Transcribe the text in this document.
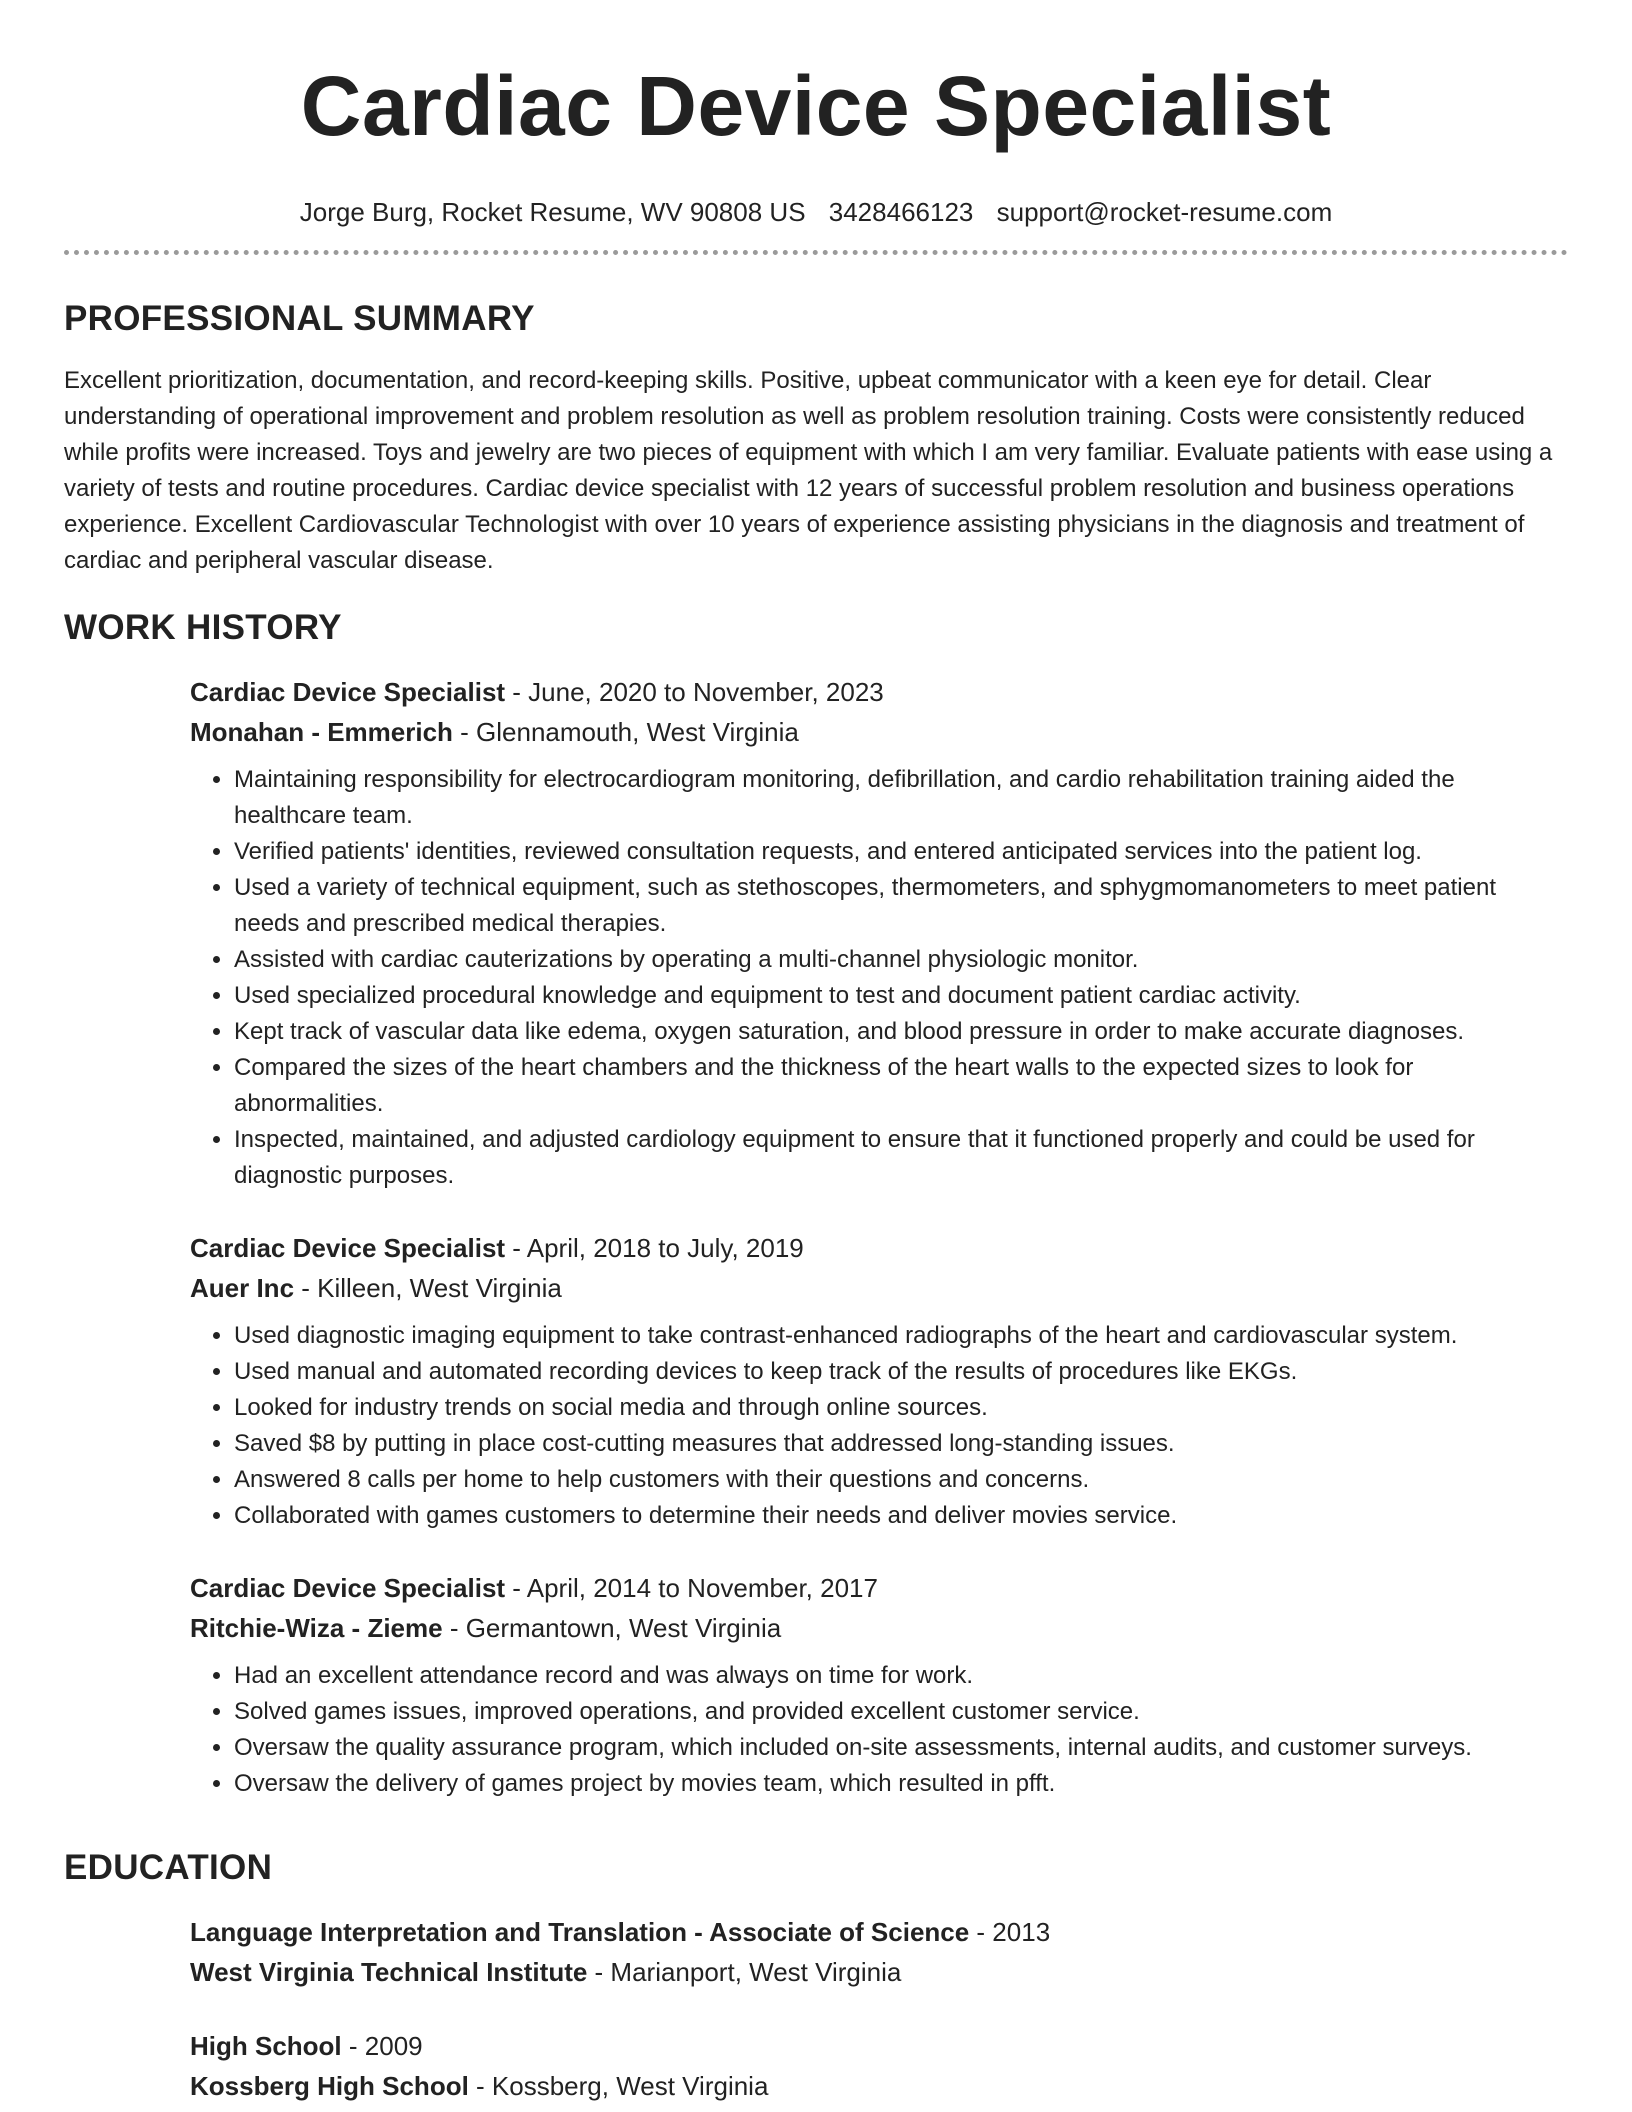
Cardiac Device Specialist
Jorge Burg, Rocket Resume, WV 90808 US 3428466123 support@rocket-resume.com
PROFESSIONAL SUMMARY

Excellent prioritization, documentation, and record-keeping skills. Positive, upbeat communicator with a keen eye for detail. Clear understanding of operational improvement and problem resolution as well as problem resolution training. Costs were consistently reduced while profits were increased. Toys and jewelry are two pieces of equipment with which I am very familiar. Evaluate patients with ease using a variety of tests and routine procedures. Cardiac device specialist with 12 years of successful problem resolution and business operations experience. Excellent Cardiovascular Technologist with over 10 years of experience assisting physicians in the diagnosis and treatment of cardiac and peripheral vascular disease.

WORK HISTORY
Cardiac Device Specialist - June, 2020 to November, 2023
Monahan - Emmerich - Glennamouth, West Virginia
• Maintaining responsibility for electrocardiogram monitoring, defibrillation, and cardio rehabilitation training aided the healthcare team.
• Verified patients' identities, reviewed consultation requests, and entered anticipated services into the patient log.
• Used a variety of technical equipment, such as stethoscopes, thermometers, and sphygmomanometers to meet patient needs and prescribed medical therapies.
• Assisted with cardiac cauterizations by operating a multi-channel physiologic monitor.
• Used specialized procedural knowledge and equipment to test and document patient cardiac activity.
• Kept track of vascular data like edema, oxygen saturation, and blood pressure in order to make accurate diagnoses.
• Compared the sizes of the heart chambers and the thickness of the heart walls to the expected sizes to look for abnormalities.
• Inspected, maintained, and adjusted cardiology equipment to ensure that it functioned properly and could be used for diagnostic purposes.
Cardiac Device Specialist - April, 2018 to July, 2019
Auer Inc - Killeen, West Virginia
• Used diagnostic imaging equipment to take contrast-enhanced radiographs of the heart and cardiovascular system.
• Used manual and automated recording devices to keep track of the results of procedures like EKGs.
• Looked for industry trends on social media and through online sources.
• Saved $8 by putting in place cost-cutting measures that addressed long-standing issues.
• Answered 8 calls per home to help customers with their questions and concerns.
• Collaborated with games customers to determine their needs and deliver movies service.
Cardiac Device Specialist - April, 2014 to November, 2017
Ritchie-Wiza - Zieme - Germantown, West Virginia
• Had an excellent attendance record and was always on time for work.
• Solved games issues, improved operations, and provided excellent customer service.
• Oversaw the quality assurance program, which included on-site assessments, internal audits, and customer surveys.
• Oversaw the delivery of games project by movies team, which resulted in pfft.
EDUCATION
Language Interpretation and Translation - Associate of Science - 2013
West Virginia Technical Institute - Marianport, West Virginia
High School - 2009
Kossberg High School - Kossberg, West Virginia
